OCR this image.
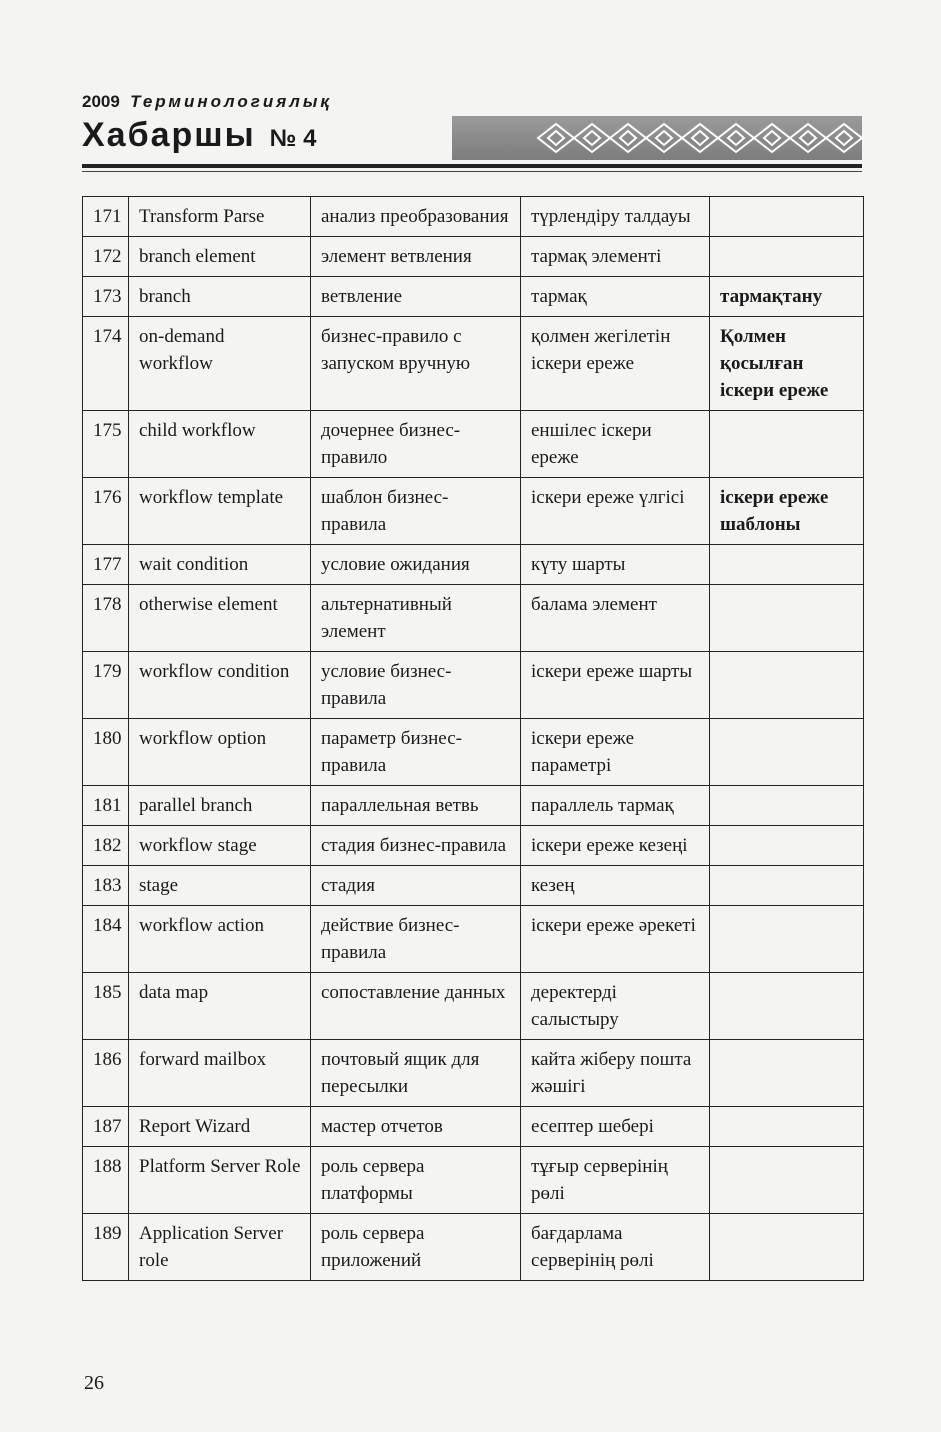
2009 Терминологиялық
Хабаршы № 4
171	Transform Parse	анализ преобразования	түрлендіру талдауы	
172	branch element	элемент ветвления	тармақ элементі	
173	branch	ветвление	тармақ	тармақтану
174	on-demand workflow	бизнес-правило с запуском вручную	қолмен жегілетін іскери ереже	Қолмен қосылған іскери ереже
175	child workflow	дочернее бизнес-правило	еншілес іскери ереже	
176	workflow template	шаблон бизнес-правила	іскери ереже үлгісі	іскери ереже шаблоны
177	wait condition	условие ожидания	күту шарты	
178	otherwise element	альтернативный элемент	балама элемент	
179	workflow condition	условие бизнес-правила	іскери ереже шарты	
180	workflow option	параметр бизнес-правила	іскери ереже параметрі	
181	parallel branch	параллельная ветвь	параллель тармақ	
182	workflow stage	стадия бизнес-правила	іскери ереже кезеңі	
183	stage	стадия	кезең	
184	workflow action	действие бизнес-правила	іскери ереже әрекеті	
185	data map	сопоставление данных	деректерді салыстыру	
186	forward mailbox	почтовый ящик для пересылки	кайта жіберу пошта жәшігі	
187	Report Wizard	мастер отчетов	есептер шебері	
188	Platform Server Role	роль сервера платформы	тұғыр серверінің рөлі	
189	Application Server role	роль сервера приложений	бағдарлама серверінің рөлі	
26
